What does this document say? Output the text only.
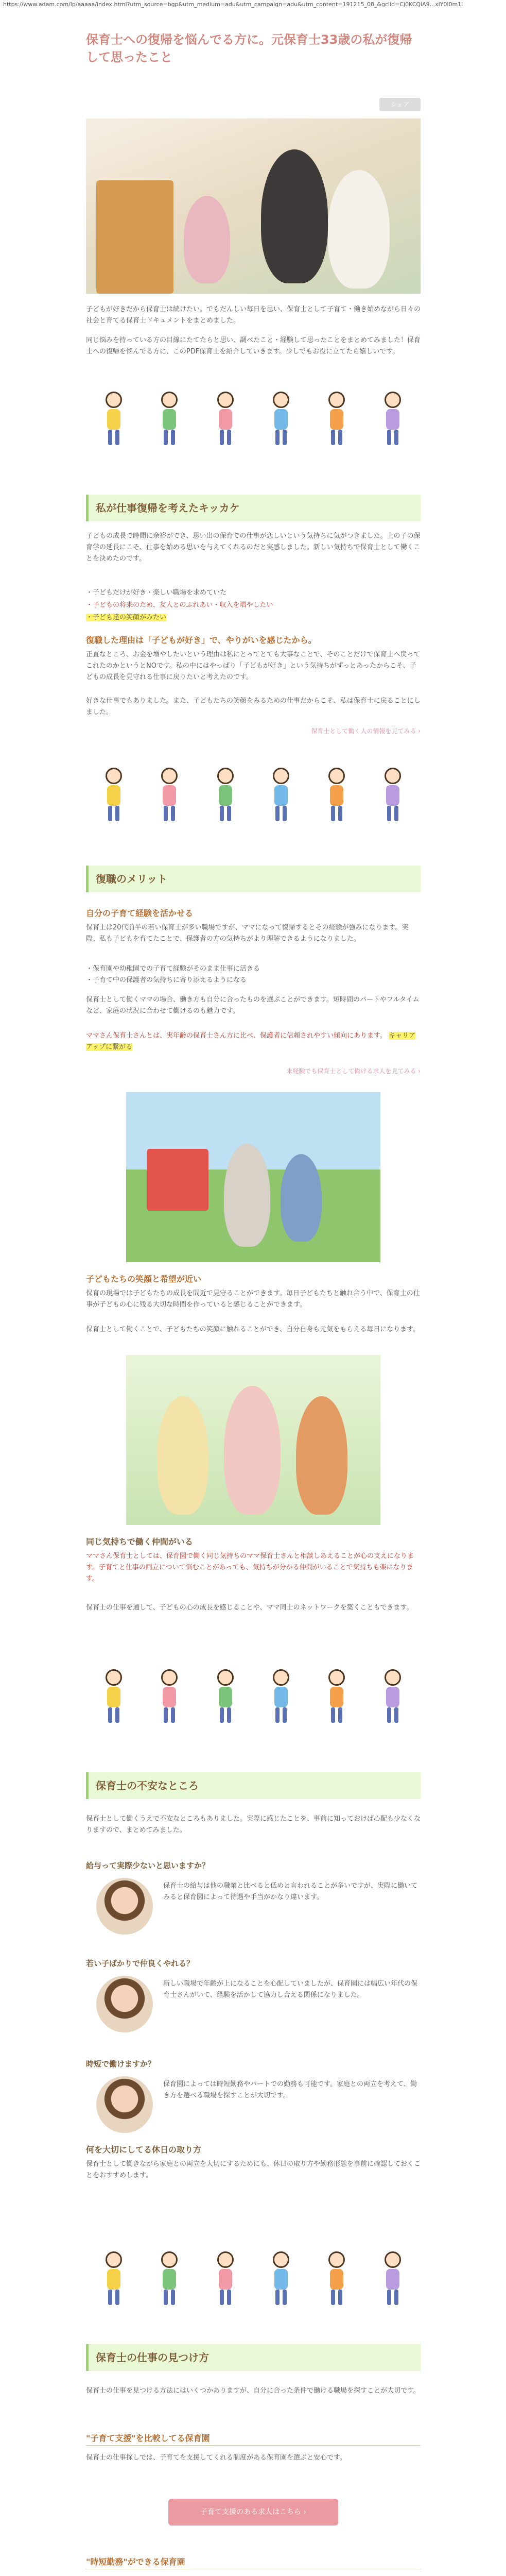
https://www.adam.com/lp/aaaaa/index.html?utm_source=bgp&utm_medium=adu&utm_campaign=adu&utm_content=191215_08_&gclid=Cj0KCQiA9...xlY0l0m1l
保育士への復帰を悩んでる方に。元保育士33歳の私が復帰して思ったこと
シェア

子どもが好きだから保育士は続けたい。でもだんしい毎日を思い、保育士として子育て・働き始めながら日々の社会と育てる保育士ドキュメントをまとめました。

同じ悩みを持っている方の目線にたてたらと思い、調べたこと・経験して思ったことをまとめてみました！保育士への復帰を悩んでる方に、このPDF保育士を紹介していきます。少しでもお役に立てたら嬉しいです。

私が仕事復帰を考えたキッカケ

子どもの成長で時間に余裕ができ、思い出の保育での仕事が恋しいという気持ちに気がつきました。上の子の保育学の延長にこそ、仕事を始める思いを与えてくれるのだと実感しました。新しい気持ちで保育士として働くことを決めたのです。

・子どもだけが好き・楽しい職場を求めていた

・子どもの将来のため、友人とのふれあい・収入を増やしたい

・子ども達の笑顔がみたい

復職した理由は「子どもが好き」で、やりがいを感じたから。

正直なところ、お金を増やしたいという理由は私にとってとても大事なことで、そのことだけで保育士へ戻ってこれたのかというとNOです。私の中にはやっぱり「子どもが好き」という気持ちがずっとあったからこそ、子どもの成長を見守れる仕事に戻りたいと考えたのです。

好きな仕事でもありました。また、子どもたちの笑顔をみるための仕事だからこそ、私は保育士に戻ることにしました。

保育士として働く人の情報を見てみる ›
復職のメリット

自分の子育て経験を活かせる

保育士は20代前半の若い保育士が多い職場ですが、ママになって復帰するとその経験が強みになります。実際、私も子どもを育てたことで、保護者の方の気持ちがより理解できるようになりました。

・保育園や幼稚園での子育て経験がそのまま仕事に活きる
・子育て中の保護者の気持ちに寄り添えるようになる

保育士として働くママの場合、働き方も自分に合ったものを選ぶことができます。短時間のパートやフルタイムなど、家庭の状況に合わせて働けるのも魅力です。

ママさん保育士さんとは、実年齢の保育士さん方に比べ、保護者に信頼されやすい傾向にあります。 キャリアアップに繋がる

未経験でも保育士として働ける求人を見てみる ›

子どもたちの笑顔と希望が近い

保育の現場では子どもたちの成長を間近で見守ることができます。毎日子どもたちと触れ合う中で、保育士の仕事が子どもの心に残る大切な時間を作っていると感じることができます。

保育士として働くことで、子どもたちの笑顔に触れることができ、自分自身も元気をもらえる毎日になります。

同じ気持ちで働く仲間がいる

ママさん保育士としては、保育園で働く同じ気持ちのママ保育士さんと相談しあえることが心の支えになります。子育てと仕事の両立について悩むことがあっても、気持ちが分かる仲間がいることで気持ちも楽になります。

保育士の仕事を通して、子どもの心の成長を感じることや、ママ同士のネットワークを築くこともできます。

保育士の不安なところ

保育士として働くうえで不安なところもありました。実際に感じたことを、事前に知っておけば心配も少なくなりますので、まとめてみました。

給与って実際少ないと思いますか？

保育士の給与は他の職業と比べると低めと言われることが多いですが、実際に働いてみると保育園によって待遇や手当がかなり違います。

若い子ばかりで仲良くやれる？

新しい職場で年齢が上になることを心配していましたが、保育園には幅広い年代の保育士さんがいて、経験を活かして協力し合える関係になりました。

時短で働けますか？

保育園によっては時短勤務やパートでの勤務も可能です。家庭との両立を考えて、働き方を選べる職場を探すことが大切です。

何を大切にしてる休日の取り方

保育士として働きながら家庭との両立を大切にするためにも、休日の取り方や勤務形態を事前に確認しておくことをおすすめします。

保育士の仕事の見つけ方

保育士の仕事を見つける方法にはいくつかありますが、自分に合った条件で働ける職場を探すことが大切です。

"子育て支援"を比較してる保育園

保育士の仕事探しでは、子育てを支援してくれる制度がある保育園を選ぶと安心です。

子育て支援のある求人はこちら ›

"時短勤務"ができる保育園
